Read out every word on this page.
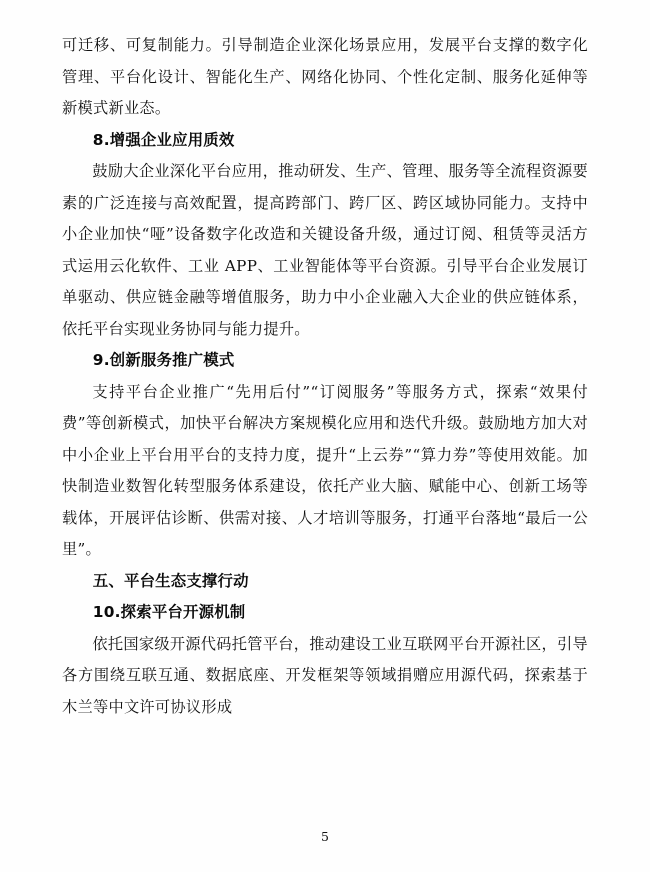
可迁移、可复制能力。引导制造企业深化场景应用，发展平台支撑的数字化管理、平台化设计、智能化生产、网络化协同、个性化定制、服务化延伸等新模式新业态。

8.增强企业应用质效

鼓励大企业深化平台应用，推动研发、生产、管理、服务等全流程资源要素的广泛连接与高效配置，提高跨部门、跨厂区、跨区域协同能力。支持中小企业加快“哑”设备数字化改造和关键设备升级，通过订阅、租赁等灵活方式运用云化软件、工业 APP、工业智能体等平台资源。引导平台企业发展订单驱动、供应链金融等增值服务，助力中小企业融入大企业的供应链体系，依托平台实现业务协同与能力提升。

9.创新服务推广模式

支持平台企业推广“先用后付”“订阅服务”等服务方式，探索“效果付费”等创新模式，加快平台解决方案规模化应用和迭代升级。鼓励地方加大对中小企业上平台用平台的支持力度，提升“上云券”“算力券”等使用效能。加快制造业数智化转型服务体系建设，依托产业大脑、赋能中心、创新工场等载体，开展评估诊断、供需对接、人才培训等服务，打通平台落地“最后一公里”。

五、平台生态支撑行动
10.探索平台开源机制

依托国家级开源代码托管平台，推动建设工业互联网平台开源社区，引导各方围绕互联互通、数据底座、开发框架等领域捐赠应用源代码，探索基于木兰等中文许可协议形成

5
